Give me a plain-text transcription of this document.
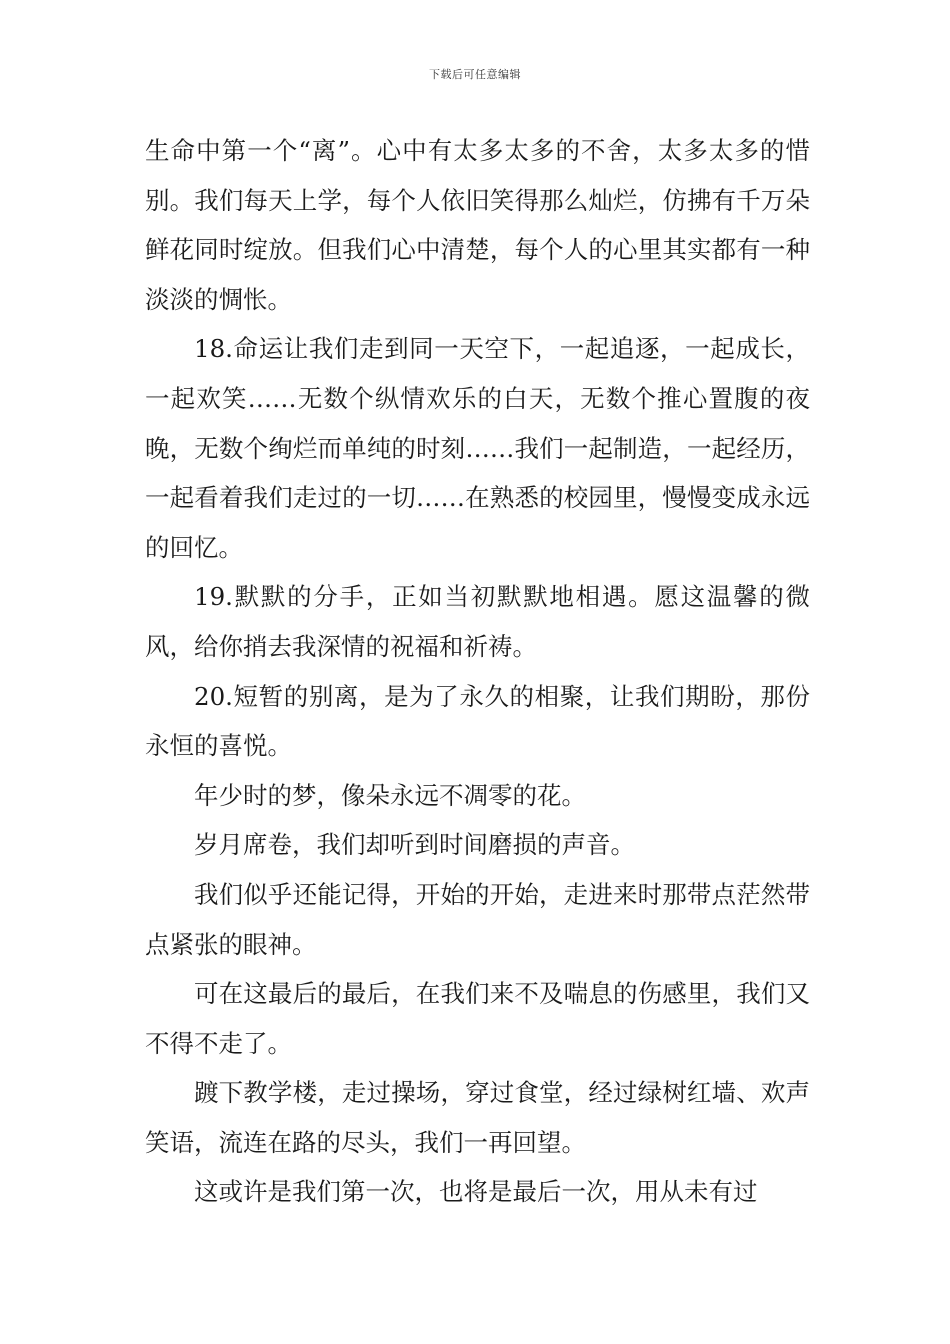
下载后可任意编辑

生命中第一个“离”。心中有太多太多的不舍，太多太多的惜别。我们每天上学，每个人依旧笑得那么灿烂，仿拂有千万朵鲜花同时绽放。但我们心中清楚，每个人的心里其实都有一种淡淡的惆怅。

18.命运让我们走到同一天空下，一起追逐，一起成长，一起欢笑……无数个纵情欢乐的白天，无数个推心置腹的夜晚，无数个绚烂而单纯的时刻……我们一起制造，一起经历，一起看着我们走过的一切……在熟悉的校园里，慢慢变成永远的回忆。

19.默默的分手，正如当初默默地相遇。愿这温馨的微风，给你捎去我深情的祝福和祈祷。

20.短暂的别离，是为了永久的相聚，让我们期盼，那份永恒的喜悦。

年少时的梦，像朵永远不凋零的花。

岁月席卷，我们却听到时间磨损的声音。

我们似乎还能记得，开始的开始，走进来时那带点茫然带点紧张的眼神。

可在这最后的最后，在我们来不及喘息的伤感里，我们又不得不走了。

踱下教学楼，走过操场，穿过食堂，经过绿树红墙、欢声笑语，流连在路的尽头，我们一再回望。

这或许是我们第一次，也将是最后一次，用从未有过
